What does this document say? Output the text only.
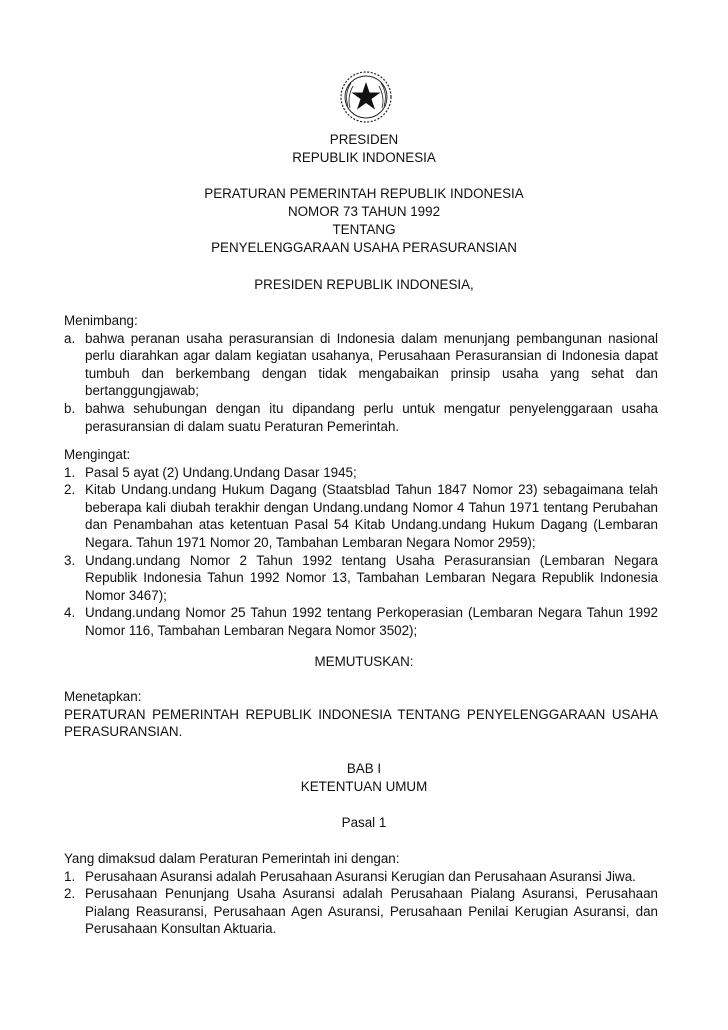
PRESIDEN
REPUBLIK INDONESIA
PERATURAN PEMERINTAH REPUBLIK INDONESIA
NOMOR 73 TAHUN 1992
TENTANG
PENYELENGGARAAN USAHA PERASURANSIAN
PRESIDEN REPUBLIK INDONESIA,

Menimbang:

a. bahwa peranan usaha perasuransian di Indonesia dalam menunjang pembangunan nasional perlu diarahkan agar dalam kegiatan usahanya, Perusahaan Perasuransian di Indonesia dapat tumbuh dan berkembang dengan tidak mengabaikan prinsip usaha yang sehat dan bertanggungjawab;
b. bahwa sehubungan dengan itu dipandang perlu untuk mengatur penyelenggaraan usaha perasuransian di dalam suatu Peraturan Pemerintah.

Mengingat:

1. Pasal 5 ayat (2) Undang.Undang Dasar 1945;
2. Kitab Undang.undang Hukum Dagang (Staatsblad Tahun 1847 Nomor 23) sebagaimana telah beberapa kali diubah terakhir dengan Undang.undang Nomor 4 Tahun 1971 tentang Perubahan dan Penambahan atas ketentuan Pasal 54 Kitab Undang.undang Hukum Dagang (Lembaran Negara. Tahun 1971 Nomor 20, Tambahan Lembaran Negara Nomor 2959);
3. Undang.undang Nomor 2 Tahun 1992 tentang Usaha Perasuransian (Lembaran Negara Republik Indonesia Tahun 1992 Nomor 13, Tambahan Lembaran Negara Republik Indonesia Nomor 3467);
4. Undang.undang Nomor 25 Tahun 1992 tentang Perkoperasian (Lembaran Negara Tahun 1992 Nomor 116, Tambahan Lembaran Negara Nomor 3502);
MEMUTUSKAN:

Menetapkan:

PERATURAN PEMERINTAH REPUBLIK INDONESIA TENTANG PENYELENGGARAAN USAHA PERASURANSIAN.

BAB I
KETENTUAN UMUM
Pasal 1

Yang dimaksud dalam Peraturan Pemerintah ini dengan:

1. Perusahaan Asuransi adalah Perusahaan Asuransi Kerugian dan Perusahaan Asuransi Jiwa.
2. Perusahaan Penunjang Usaha Asuransi adalah Perusahaan Pialang Asuransi, Perusahaan Pialang Reasuransi, Perusahaan Agen Asuransi, Perusahaan Penilai Kerugian Asuransi, dan Perusahaan Konsultan Aktuaria.
